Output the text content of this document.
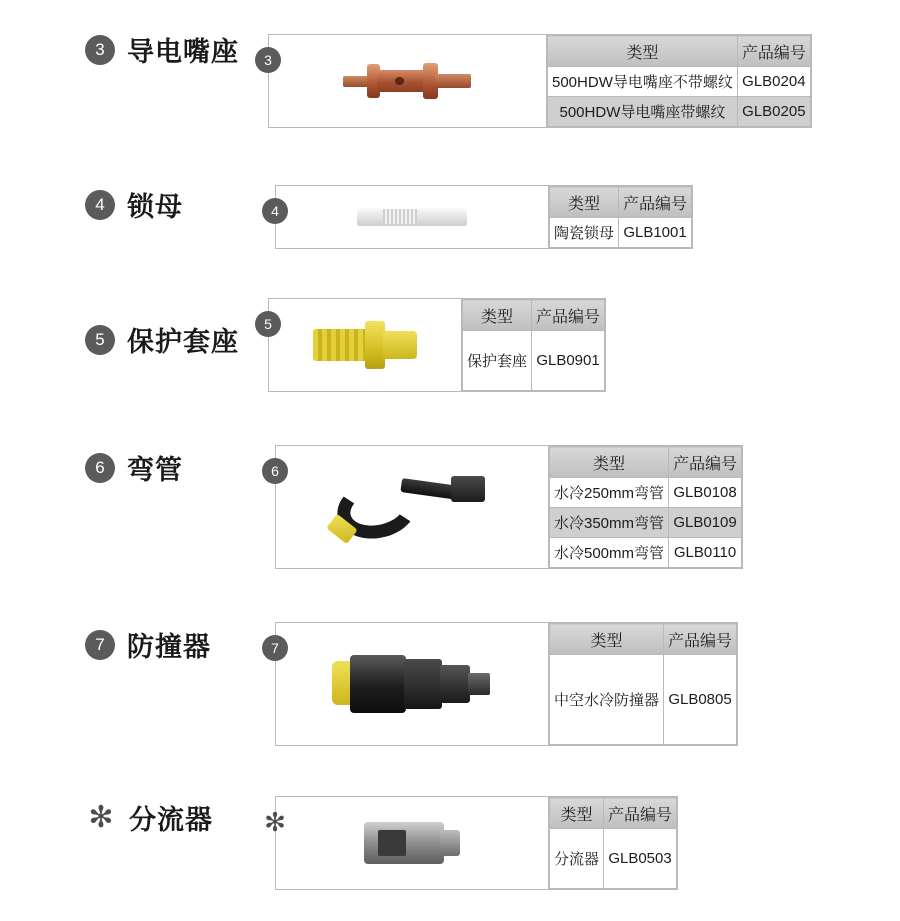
3 导电嘴座	3	类型	产品编号
500HDW导电嘴座不带螺纹	GLB0204
500HDW导电嘴座带螺纹	GLB0205
4 锁母	4	类型	产品编号
陶瓷锁母	GLB1001
5 保护套座
5	类型	产品编号
保护套座	GLB0901
6 弯管	6	类型	产品编号
水冷250mm弯管	GLB0108
水冷350mm弯管	GLB0109
水冷500mm弯管	GLB0110
7 防撞器	7	类型	产品编号
中空水冷防撞器	GLB0805
✻ 分流器 ✻	类型	产品编号
分流器	GLB0503
